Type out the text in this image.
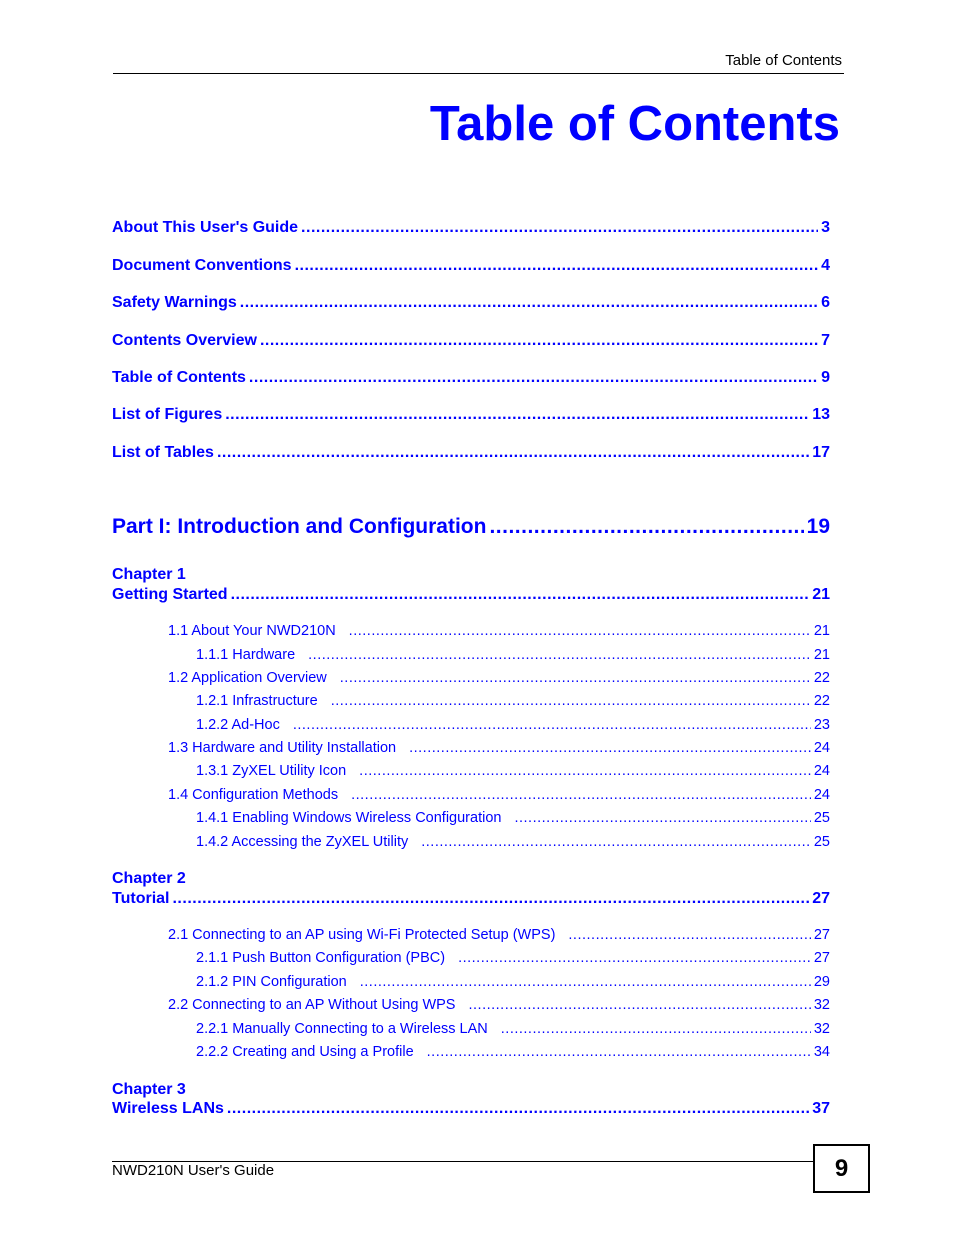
Table of Contents
Table of Contents
About This User's Guide .....	3
Document Conventions .....	4
Safety Warnings .....	6
Contents Overview .....	7
Table of Contents .....	9
List of Figures .....	13
List of Tables .....	17
Part I: Introduction and Configuration .....	19
Chapter 1
Getting Started .....	21
1.1 About Your NWD210N .....	21
1.1.1 Hardware .....	21
1.2 Application Overview .....	22
1.2.1 Infrastructure .....	22
1.2.2 Ad-Hoc .....	23
1.3 Hardware and Utility Installation .....	24
1.3.1 ZyXEL Utility Icon .....	24
1.4 Configuration Methods .....	24
1.4.1 Enabling Windows Wireless Configuration .....	25
1.4.2 Accessing the ZyXEL Utility .....	25
Chapter 2
Tutorial .....	27
2.1 Connecting to an AP using Wi-Fi Protected Setup (WPS) .....	27
2.1.1 Push Button Configuration (PBC) .....	27
2.1.2 PIN Configuration .....	29
2.2 Connecting to an AP Without Using WPS .....	32
2.2.1 Manually Connecting to a Wireless LAN .....	32
2.2.2 Creating and Using a Profile .....	34
Chapter 3
Wireless LANs .....	37
NWD210N User's Guide	9
